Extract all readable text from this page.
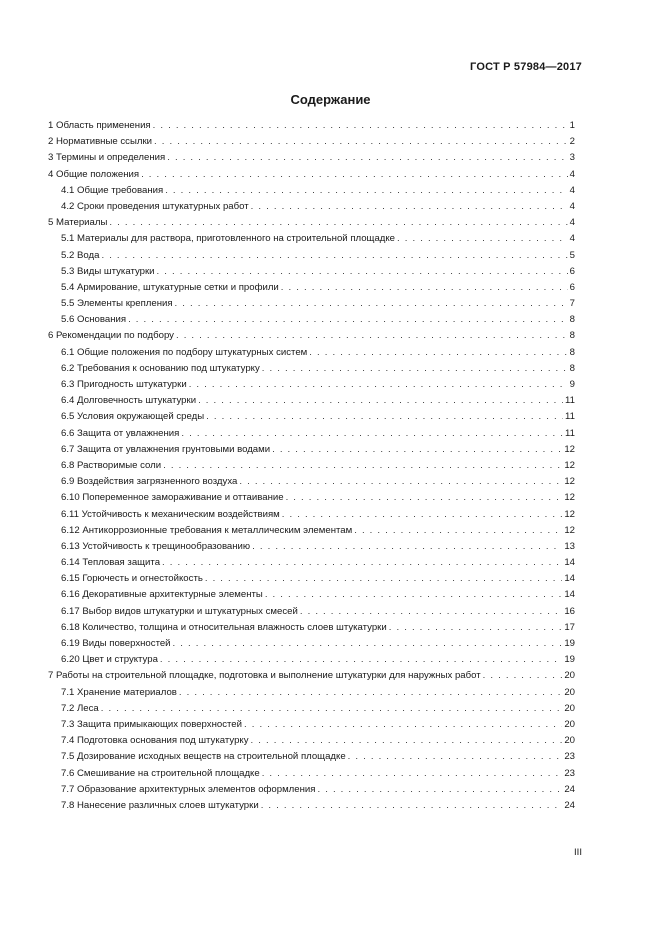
ГОСТ Р 57984—2017
Содержание
1 Область применения . . .	1
2 Нормативные ссылки . . .	2
3 Термины и определения . . .	3
4 Общие положения . . .	4
4.1 Общие требования . . .	4
4.2 Сроки проведения штукатурных работ . . .	4
5 Материалы . . .	4
5.1 Материалы для раствора, приготовленного на строительной площадке . . .	4
5.2 Вода . . .	5
5.3 Виды штукатурки . . .	6
5.4 Армирование, штукатурные сетки и профили . . .	6
5.5 Элементы крепления . . .	7
5.6 Основания . . .	8
6 Рекомендации по подбору . . .	8
6.1 Общие положения по подбору штукатурных систем . . .	8
6.2 Требования к основанию под штукатурку . . .	8
6.3 Пригодность штукатурки . . .	9
6.4 Долговечность штукатурки . . .	11
6.5 Условия окружающей среды . . .	11
6.6 Защита от увлажнения . . .	11
6.7 Защита от увлажнения грунтовыми водами . . .	12
6.8 Растворимые соли . . .	12
6.9 Воздействия загрязненного воздуха . . .	12
6.10 Попеременное замораживание и оттаивание . . .	12
6.11 Устойчивость к механическим воздействиям . . .	12
6.12 Антикоррозионные требования к металлическим элементам . . .	12
6.13 Устойчивость к трещинообразованию . . .	13
6.14 Тепловая защита . . .	14
6.15 Горючесть и огнестойкость . . .	14
6.16 Декоративные архитектурные элементы . . .	14
6.17 Выбор видов штукатурки и штукатурных смесей . . .	16
6.18 Количество, толщина и относительная влажность слоев штукатурки . . .	17
6.19 Виды поверхностей . . .	19
6.20 Цвет и структура . . .	19
7 Работы на строительной площадке, подготовка и выполнение штукатурки для наружных работ . . .	20
7.1 Хранение материалов . . .	20
7.2 Леса . . .	20
7.3 Защита примыкающих поверхностей . . .	20
7.4 Подготовка основания под штукатурку . . .	20
7.5 Дозирование исходных веществ на строительной площадке . . .	23
7.6 Смешивание на строительной площадке . . .	23
7.7 Образование архитектурных элементов оформления . . .	24
7.8 Нанесение различных слоев штукатурки . . .	24
III
